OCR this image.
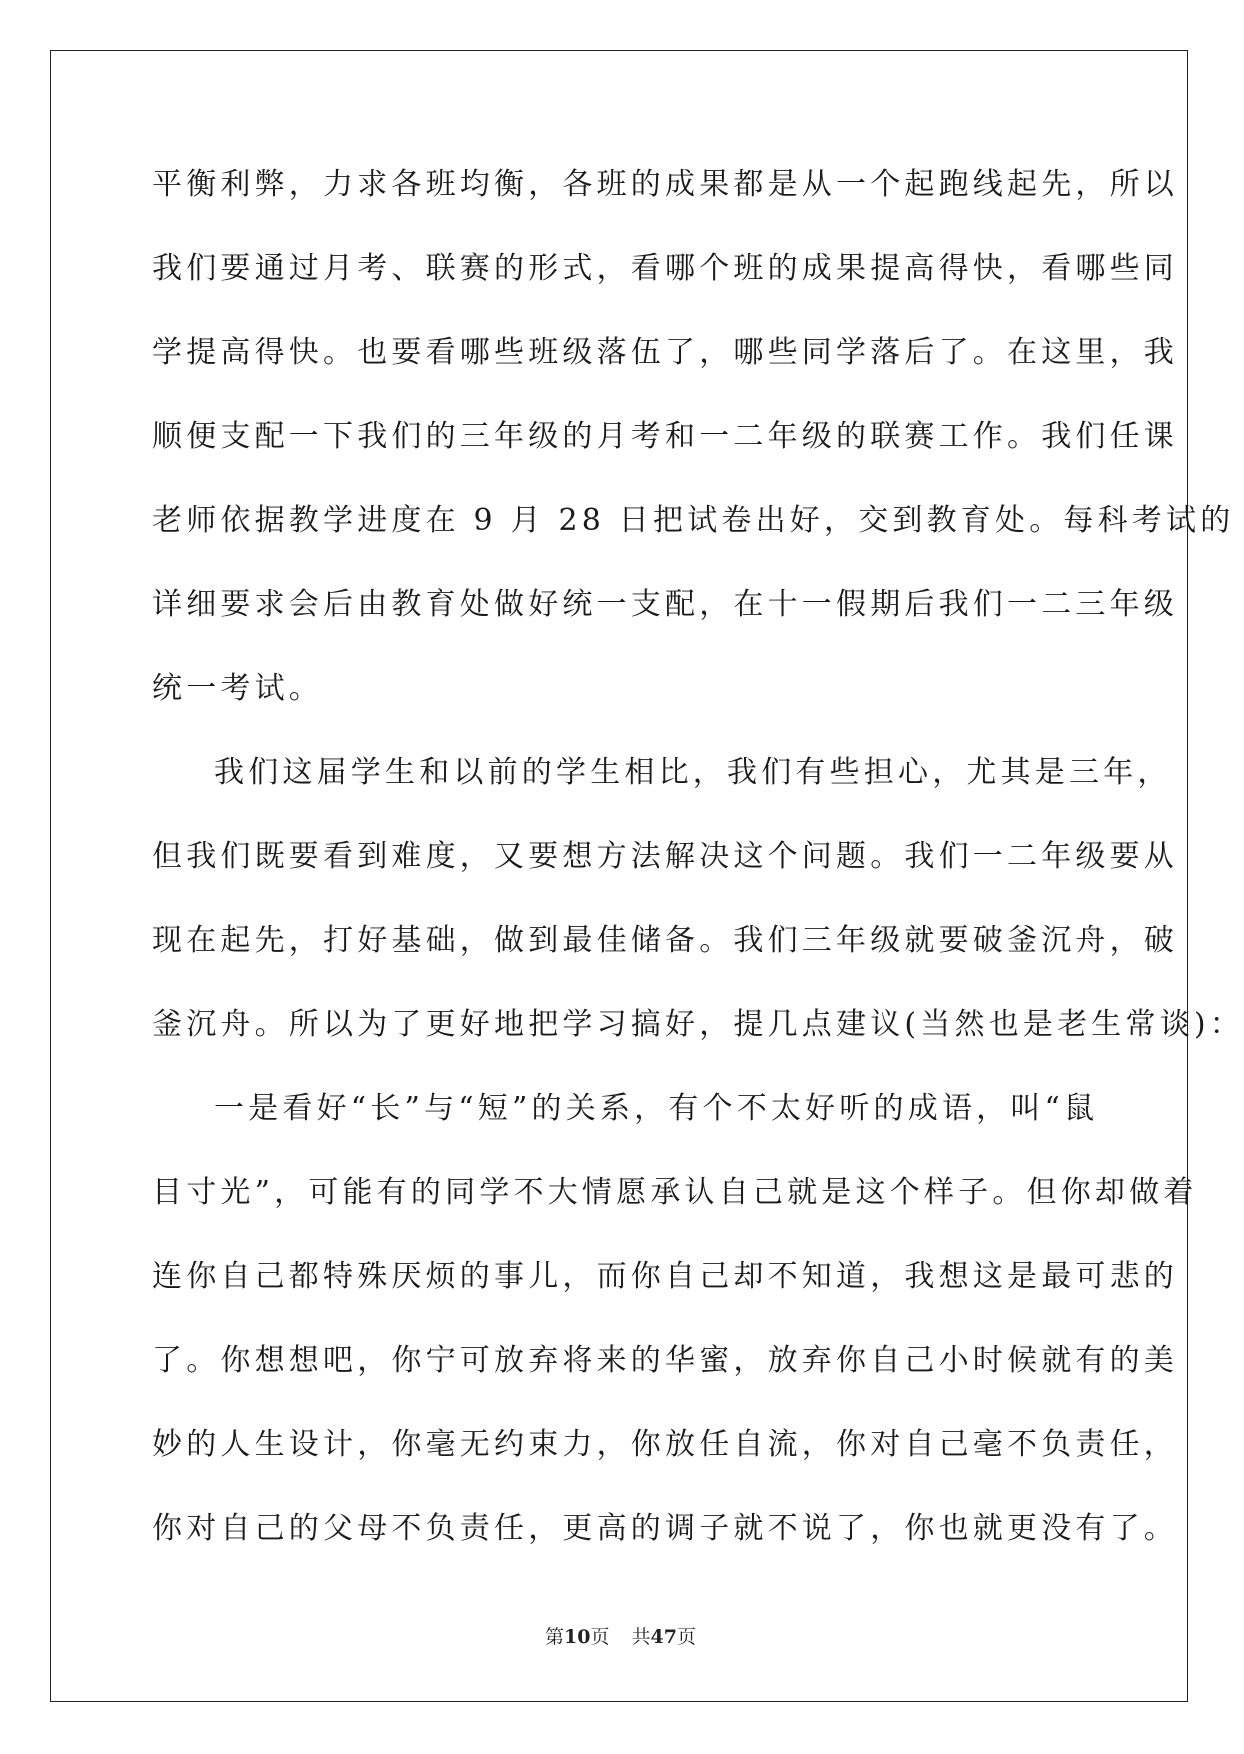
平衡利弊，力求各班均衡，各班的成果都是从一个起跑线起先，所以
我们要通过月考、联赛的形式，看哪个班的成果提高得快，看哪些同
学提高得快。也要看哪些班级落伍了，哪些同学落后了。在这里，我
顺便支配一下我们的三年级的月考和一二年级的联赛工作。我们任课
老师依据教学进度在 9 月 28 日把试卷出好，交到教育处。每科考试的
详细要求会后由教育处做好统一支配，在十一假期后我们一二三年级
统一考试。
我们这届学生和以前的学生相比，我们有些担心，尤其是三年，
但我们既要看到难度，又要想方法解决这个问题。我们一二年级要从
现在起先，打好基础，做到最佳储备。我们三年级就要破釜沉舟，破
釜沉舟。所以为了更好地把学习搞好，提几点建议(当然也是老生常谈)：
一是看好“长”与“短”的关系，有个不太好听的成语，叫“鼠
目寸光”，可能有的同学不大情愿承认自己就是这个样子。但你却做着
连你自己都特殊厌烦的事儿，而你自己却不知道，我想这是最可悲的
了。你想想吧，你宁可放弃将来的华蜜，放弃你自己小时候就有的美
妙的人生设计，你毫无约束力，你放任自流，你对自己毫不负责任，
你对自己的父母不负责任，更高的调子就不说了，你也就更没有了。
第10页 共47页
